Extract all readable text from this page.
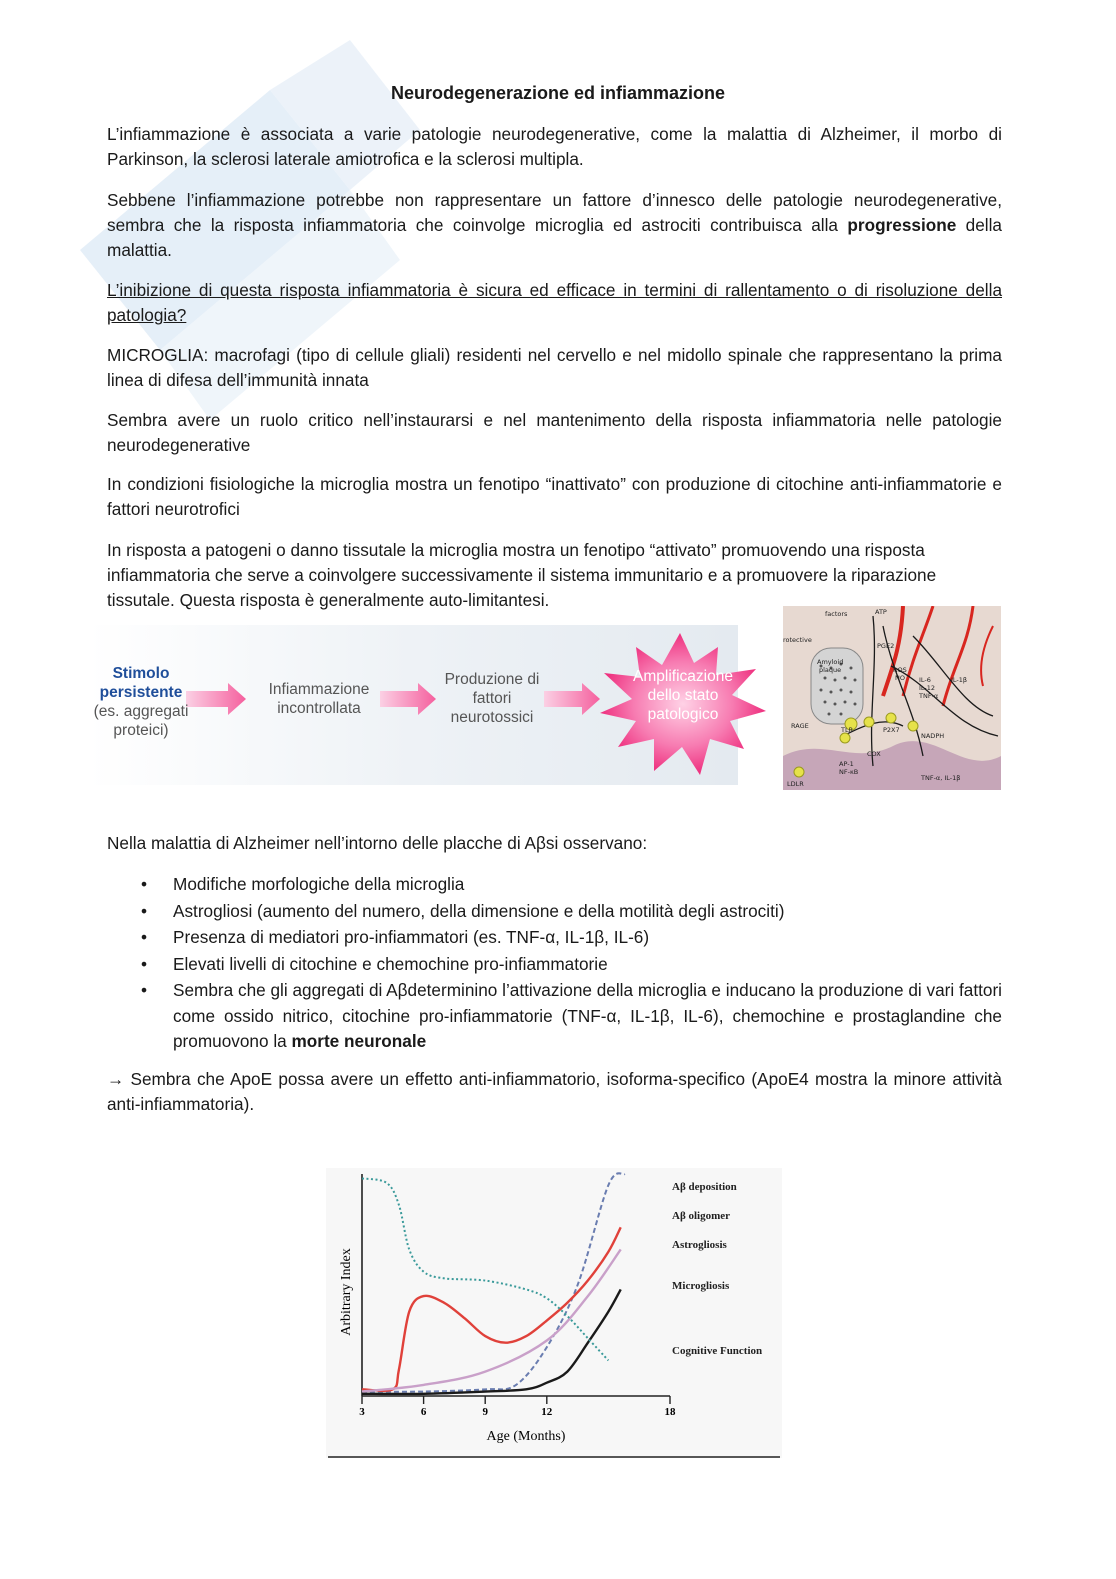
Neurodegenerazione ed infiammazione
L’infiammazione è associata a varie patologie neurodegenerative, come la malattia di Alzheimer, il morbo di Parkinson, la sclerosi laterale amiotrofica e la sclerosi multipla.
Sebbene l’infiammazione potrebbe non rappresentare un fattore d’innesco delle patologie neurodegenerative, sembra che la risposta infiammatoria che coinvolge microglia ed astrociti contribuisca alla progressione della malattia.
L’inibizione di questa risposta infiammatoria è sicura ed efficace in termini di rallentamento o di risoluzione della patologia?
MICROGLIA: macrofagi (tipo di cellule gliali) residenti nel cervello e nel midollo spinale che rappresentano la prima linea di difesa dell’immunità innata
Sembra avere un ruolo critico nell’instaurarsi e nel mantenimento della risposta infiammatoria nelle patologie neurodegenerative
In condizioni fisiologiche la microglia mostra un fenotipo “inattivato” con produzione di citochine anti-infiammatorie e fattori neurotrofici
In risposta a patogeni o danno tissutale la microglia mostra un fenotipo “attivato” promuovendo una risposta infiammatoria che serve a coinvolgere successivamente il sistema immunitario e a promuovere la riparazione tissutale. Questa risposta è generalmente auto-limitantesi.
Stimolo
persistente
(es. aggregati
proteici)
Infiammazione
incontrollata
Produzione di
fattori
neurotossici
Amplificazione
dello stato
patologico
factors	ATP
rotective
Amyloid
plaque
PGE2
ROS
NO IL-6
IL-12
TNF-α
IL-1β
RAGE	TLR	P2X7
NADPH
COX
AP-1
NF-κB
LDLR
TNF-α, IL-1β
Nella malattia di Alzheimer nell’intorno delle placche di Aβsi osservano:
• Modifiche morfologiche della microglia
• Astrogliosi (aumento del numero, della dimensione e della motilità degli astrociti)
• Presenza di mediatori pro-infiammatori (es. TNF-α, IL-1β, IL-6)
• Elevati livelli di citochine e chemochine pro-infiammatorie
• Sembra che gli aggregati di Aβdeterminino l’attivazione della microglia e inducano la produzione di vari fattori come ossido nitrico, citochine pro-infiammatorie (TNF-α, IL-1β, IL-6), chemochine e prostaglandine che promuovono la morte neuronale
→ Sembra che ApoE possa avere un effetto anti-infiammatorio, isoforma-specifico (ApoE4 mostra la minore attività anti-infiammatoria).
3	6	9	12	18
Aβ deposition
Aβ oligomer
Astrogliosis
Microgliosis
Cognitive Function
Arbitrary Index
Age (Months)
